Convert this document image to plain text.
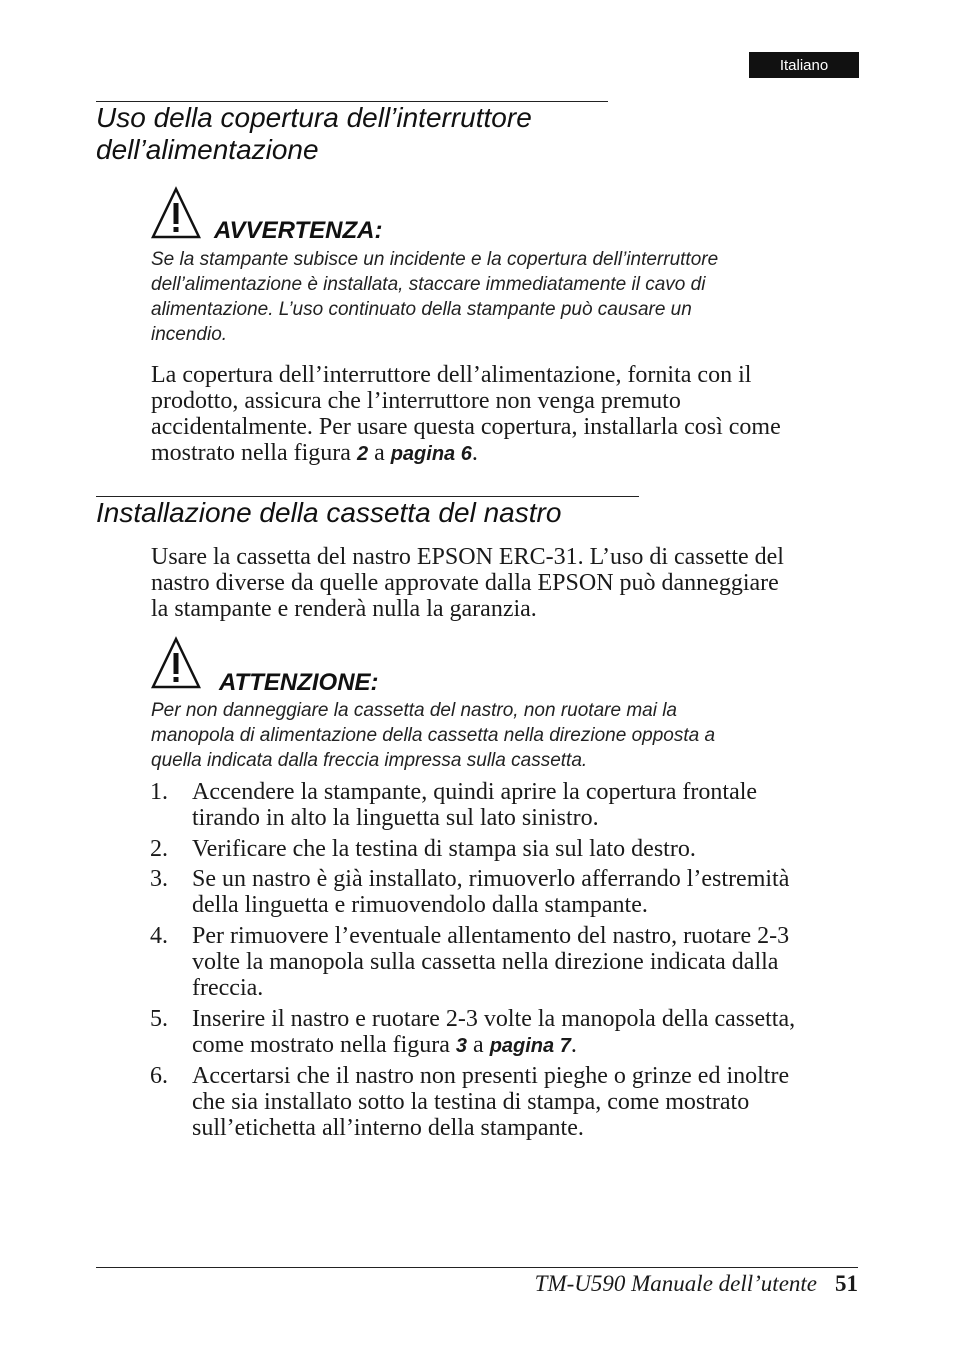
Italiano
Uso della copertura dell’interruttore
dell’alimentazione
AVVERTENZA:
Se la stampante subisce un incidente e la copertura dell’interruttore
dell’alimentazione è installata, staccare immediatamente il cavo di
alimentazione. L’uso continuato della stampante può causare un
incendio.
La copertura dell’interruttore dell’alimentazione, fornita con il
prodotto, assicura che l’interruttore non venga premuto
accidentalmente. Per usare questa copertura, installarla così come
mostrato nella figura 2 a pagina 6.
Installazione della cassetta del nastro
Usare la cassetta del nastro EPSON ERC-31. L’uso di cassette del
nastro diverse da quelle approvate dalla EPSON può danneggiare
la stampante e renderà nulla la garanzia.
ATTENZIONE:
Per non danneggiare la cassetta del nastro, non ruotare mai la
manopola di alimentazione della cassetta nella direzione opposta a
quella indicata dalla freccia impressa sulla cassetta.
1.	Accendere la stampante, quindi aprire la copertura frontale
tirando in alto la linguetta sul lato sinistro.
2.	Verificare che la testina di stampa sia sul lato destro.
3.	Se un nastro è già installato, rimuoverlo afferrando l’estremità
della linguetta e rimuovendolo dalla stampante.
4.	Per rimuovere l’eventuale allentamento del nastro, ruotare 2-3
volte la manopola sulla cassetta nella direzione indicata dalla
freccia.
5.	Inserire il nastro e ruotare 2-3 volte la manopola della cassetta,
come mostrato nella figura 3 a pagina 7.
6.	Accertarsi che il nastro non presenti pieghe o grinze ed inoltre
che sia installato sotto la testina di stampa, come mostrato
sull’etichetta all’interno della stampante.
TM-U590 Manuale dell’utente 51
